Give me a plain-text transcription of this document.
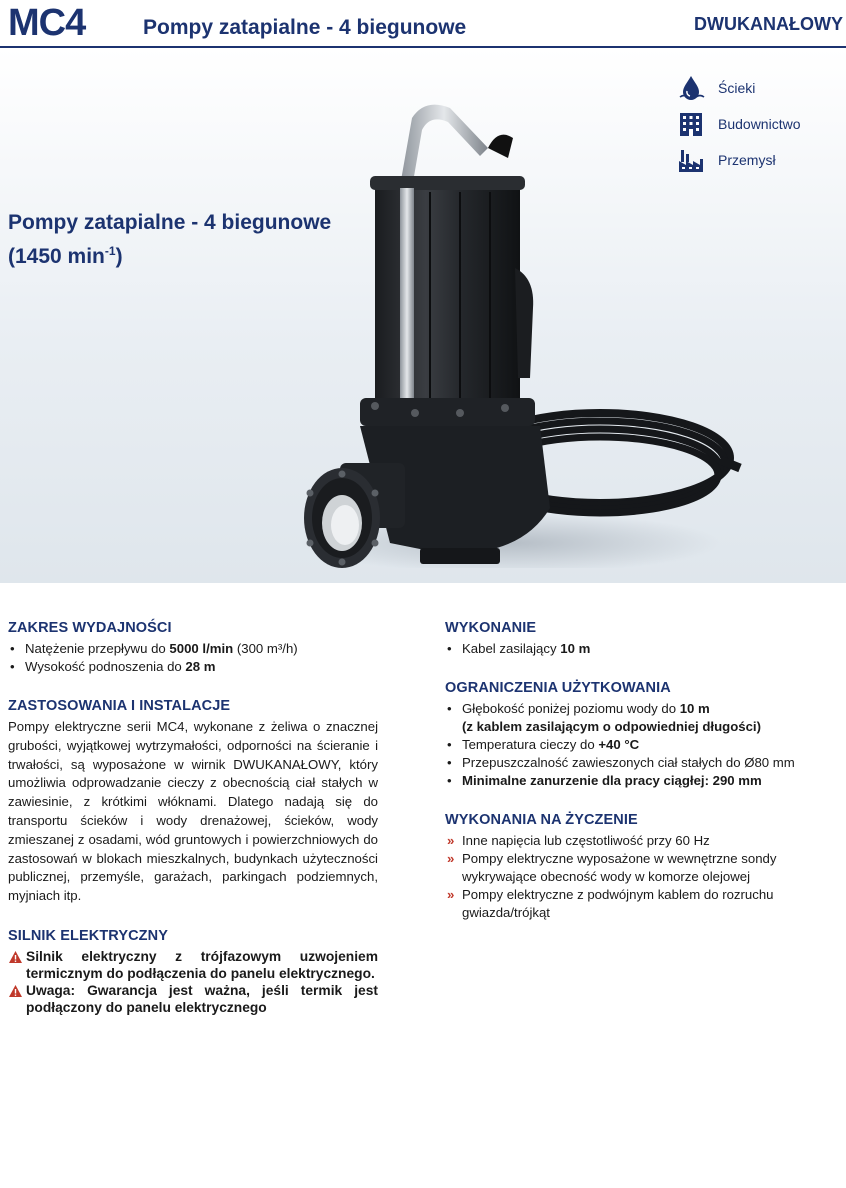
MC4	Pompy zatapialne - 4 biegunowe	DWUKANAŁOWY
Pompy zatapialne - 4 biegunowe
(1450 $\min^{-1}$)
Ścieki
Budownictwo
Przemysł
ZAKRES WYDAJNOŚCI
• Natężenie przepływu do 5000 l/min (300 m³/h)
• Wysokość podnoszenia do 28 m
ZASTOSOWANIA I INSTALACJE

Pompy elektryczne serii MC4, wykonane z żeliwa o znacznej grubości, wyjątkowej wytrzymałości, odporności na ścieranie i trwałości, są wyposażone w wirnik DWUKANAŁOWY, który umożliwia odprowadzanie cieczy z obecnością ciał stałych w zawiesinie, z krótkimi włóknami. Dlatego nadają się do transportu ścieków i wody drenażowej, ścieków, wody zmieszanej z osadami, wód gruntowych i powierzchniowych do zastosowań w blokach mieszkalnych, budynkach użyteczności publicznej, przemyśle, garażach, parkingach podziemnych, myjniach itp.

SILNIK ELEKTRYCZNY
Silnik elektryczny z trójfazowym uzwojeniem termicznym do podłączenia do panelu elektrycznego.
Uwaga: Gwarancja jest ważna, jeśli termik jest podłączony do panelu elektrycznego
WYKONANIE
• Kabel zasilający 10 m
OGRANICZENIA UŻYTKOWANIA
• Głębokość poniżej poziomu wody do 10 m
(z kablem zasilającym o odpowiedniej długości)
• Temperatura cieczy do +40 °C
• Przepuszczalność zawieszonych ciał stałych do Ø80 mm
• Minimalne zanurzenie dla pracy ciągłej: 290 mm
WYKONANIA NA ŻYCZENIE
» Inne napięcia lub częstotliwość przy 60 Hz
» Pompy elektryczne wyposażone w wewnętrzne sondy wykrywające obecność wody w komorze olejowej
» Pompy elektryczne z podwójnym kablem do rozruchu gwiazda/trójkąt
